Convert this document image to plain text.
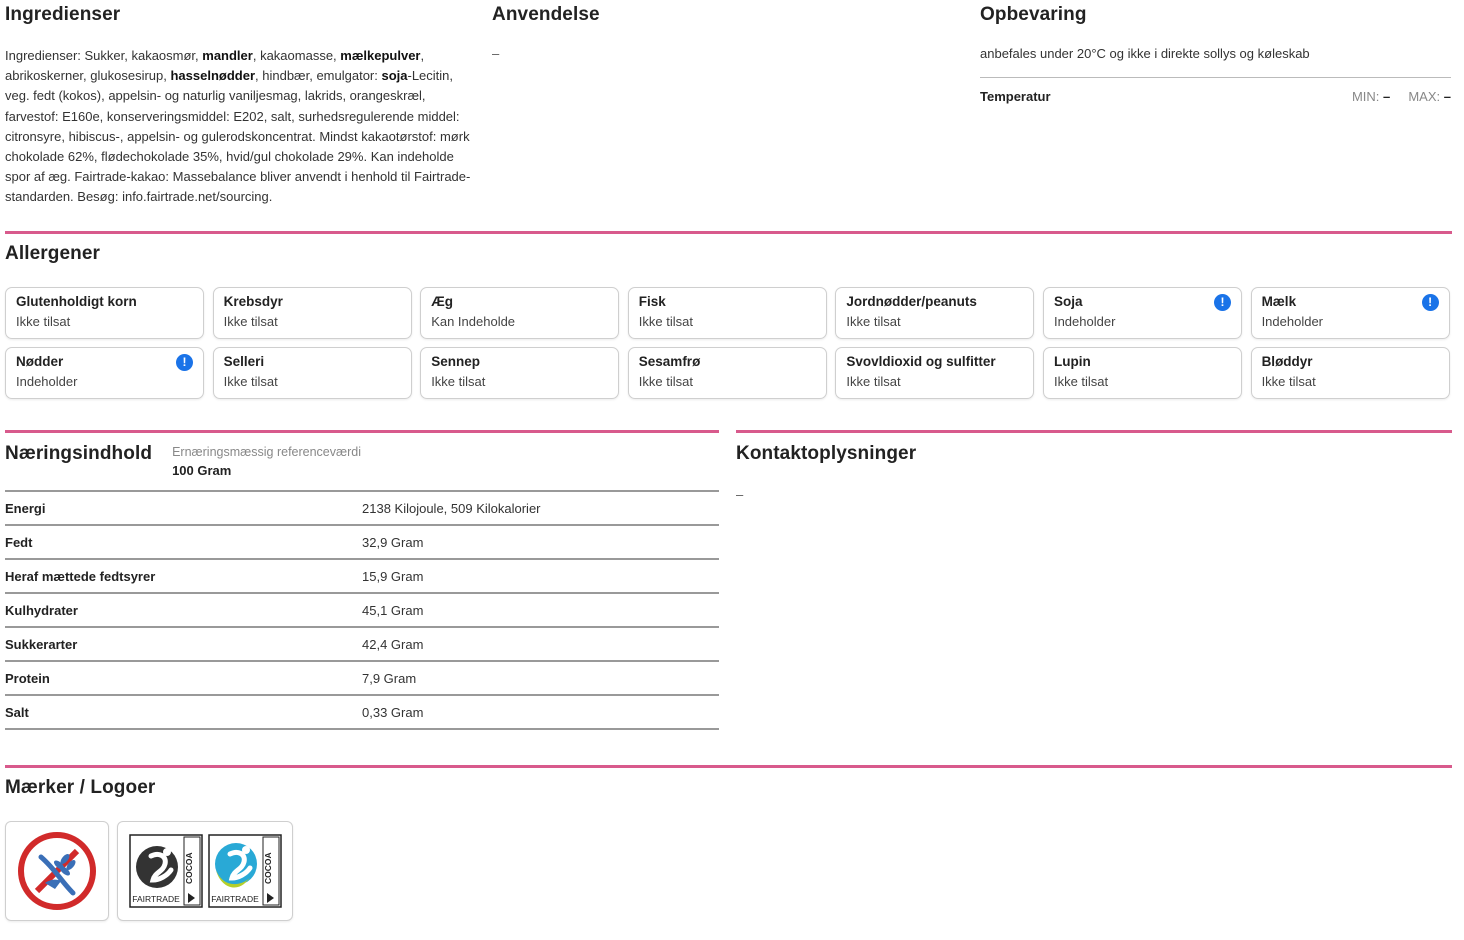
Ingredienser

Ingredienser: Sukker, kakaosmør, mandler, kakaomasse, mælkepulver, abrikoskerner, glukosesirup, hasselnødder, hindbær, emulgator: soja-Lecitin, veg. fedt (kokos), appelsin- og naturlig vaniljesmag, lakrids, orangeskræl, farvestof: E160e, konserveringsmiddel: E202, salt, surhedsregulerende middel: citronsyre, hibiscus-, appelsin- og gulerodskoncentrat. Mindst kakaotørstof: mørk chokolade 62%, flødechokolade 35%, hvid/gul chokolade 29%. Kan indeholde spor af æg. Fairtrade-kakao: Massebalance bliver anvendt i henhold til Fairtrade-standarden. Besøg: info.fairtrade.net/sourcing.

Anvendelse

–

Opbevaring

anbefales under 20°C og ikke i direkte sollys og køleskab

Temperatur	MIN: – MAX: –
Allergener
Glutenholdigt korn
Ikke tilsat
Krebsdyr
Ikke tilsat
Æg
Kan Indeholde
Fisk
Ikke tilsat
Jordnødder/peanuts
Ikke tilsat
Soja
Indeholder
!	Mælk
Indeholder
!
Nødder
Indeholder
!	Selleri
Ikke tilsat
Sennep
Ikke tilsat
Sesamfrø
Ikke tilsat
Svovldioxid og sulfitter
Ikke tilsat
Lupin
Ikke tilsat
Bløddyr
Ikke tilsat
Næringsindhold Ernæringsmæssig referenceværdi
100 Gram
Energi	2138 Kilojoule, 509 Kilokalorier
Fedt	32,9 Gram
Heraf mættede fedtsyrer	15,9 Gram
Kulhydrater	45,1 Gram
Sukkerarter	42,4 Gram
Protein	7,9 Gram
Salt	0,33 Gram
Kontaktoplysninger

–

Mærker / Logoer
COCOA
FAIRTRADE
COCOA
FAIRTRADE
